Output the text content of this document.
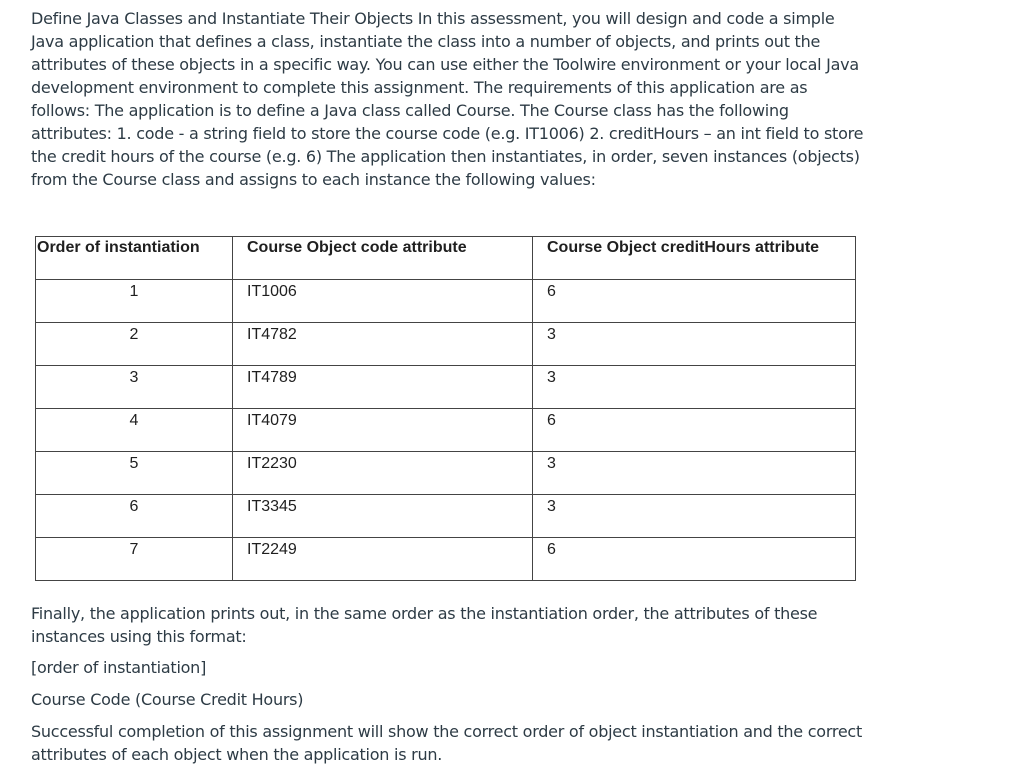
Define Java Classes and Instantiate Their Objects In this assessment, you will design and code a simple Java application that defines a class, instantiate the class into a number of objects, and prints out the attributes of these objects in a specific way. You can use either the Toolwire environment or your local Java development environment to complete this assignment. The requirements of this application are as follows: The application is to define a Java class called Course. The Course class has the following attributes: 1. code - a string field to store the course code (e.g. IT1006) 2. creditHours – an int field to store the credit hours of the course (e.g. 6) The application then instantiates, in order, seven instances (objects) from the Course class and assigns to each instance the following values:

Order of instantiation	Course Object code attribute	Course Object creditHours attribute
1	IT1006	6
2	IT4782	3
3	IT4789	3
4	IT4079	6
5	IT2230	3
6	IT3345	3
7	IT2249	6

Finally, the application prints out, in the same order as the instantiation order, the attributes of these instances using this format:

[order of instantiation]

Course Code (Course Credit Hours)

Successful completion of this assignment will show the correct order of object instantiation and the correct attributes of each object when the application is run.
